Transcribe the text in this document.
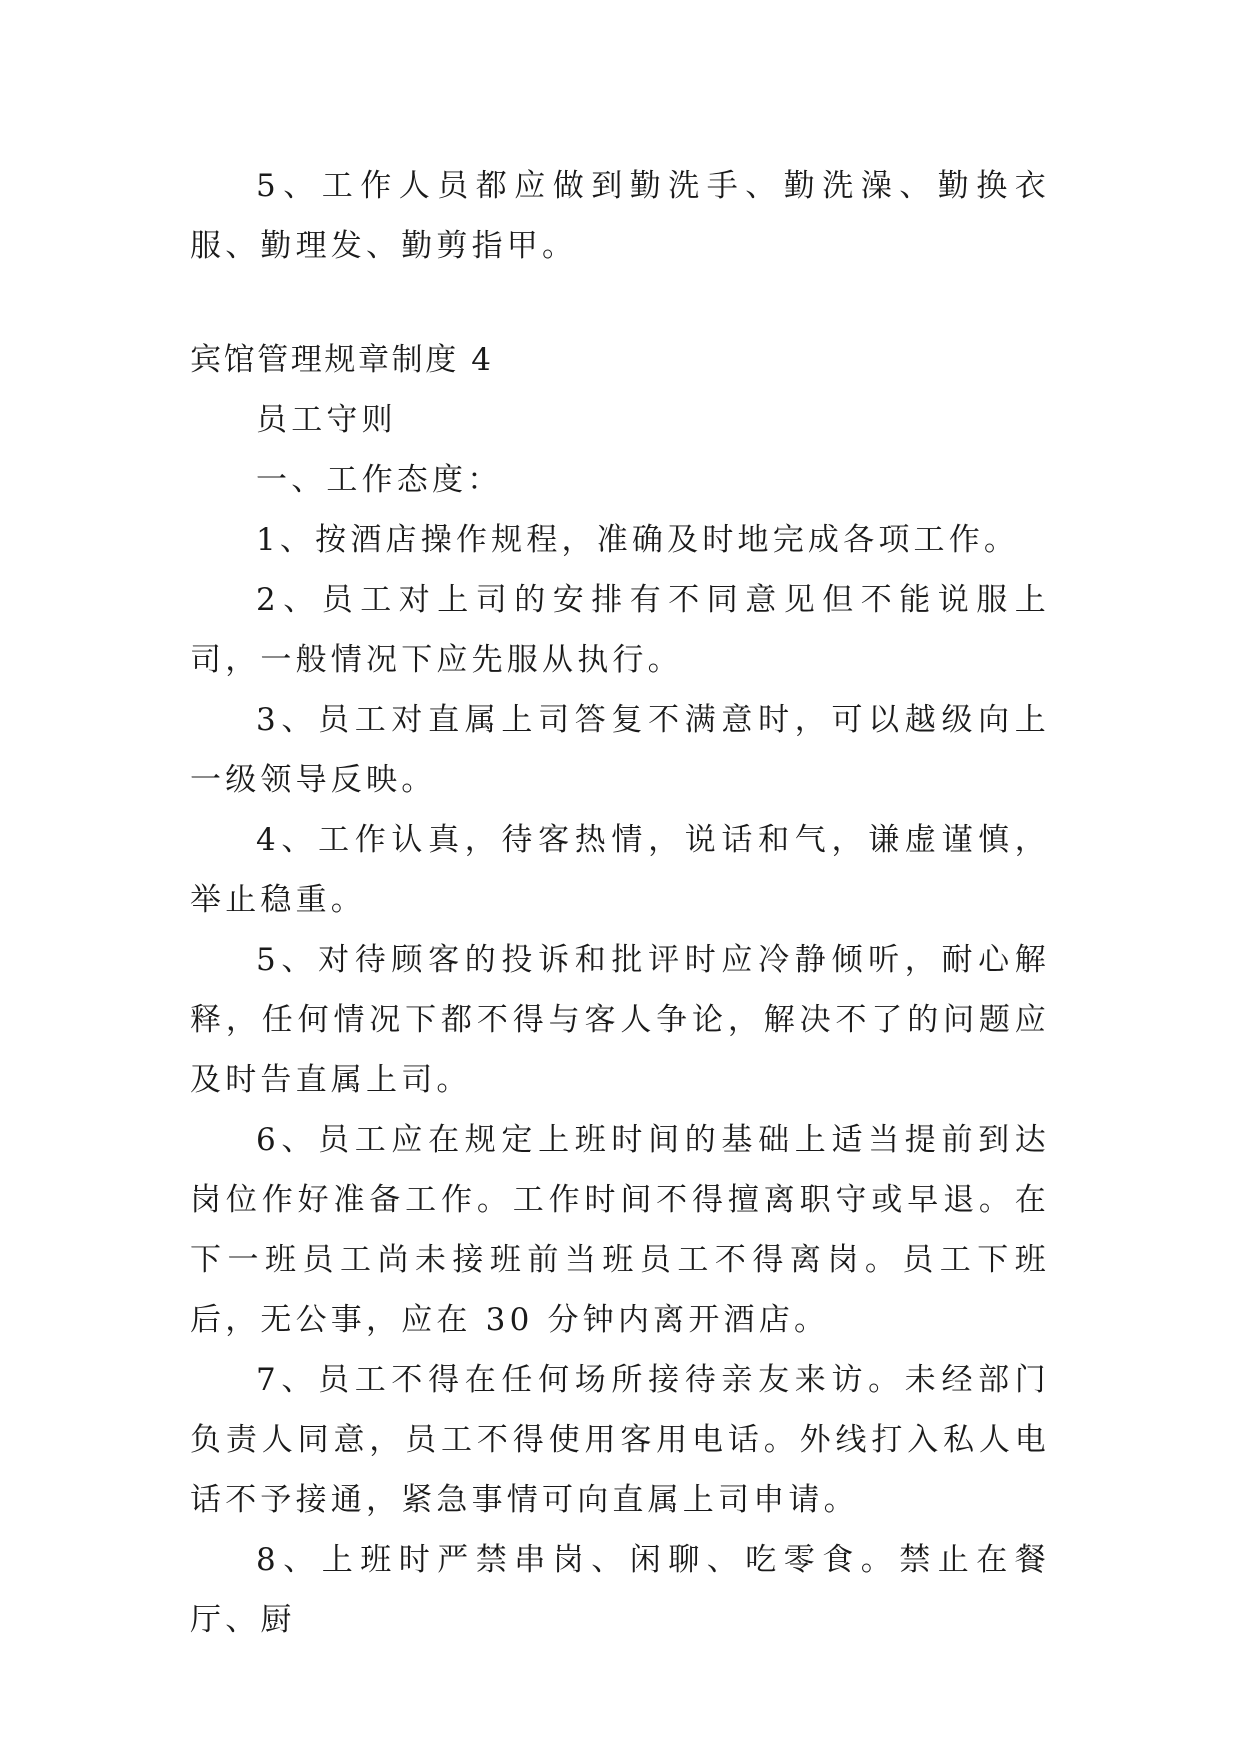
5、工作人员都应做到勤洗手、勤洗澡、勤换衣服、勤理发、勤剪指甲。

宾馆管理规章制度 4

员工守则

一、工作态度：

1、按酒店操作规程，准确及时地完成各项工作。

2、员工对上司的安排有不同意见但不能说服上司，一般情况下应先服从执行。

3、员工对直属上司答复不满意时，可以越级向上一级领导反映。

4、工作认真，待客热情，说话和气，谦虚谨慎，举止稳重。

5、对待顾客的投诉和批评时应冷静倾听，耐心解释，任何情况下都不得与客人争论，解决不了的问题应及时告直属上司。

6、员工应在规定上班时间的基础上适当提前到达岗位作好准备工作。工作时间不得擅离职守或早退。在下一班员工尚未接班前当班员工不得离岗。员工下班后，无公事，应在 30 分钟内离开酒店。

7、员工不得在任何场所接待亲友来访。未经部门负责人同意，员工不得使用客用电话。外线打入私人电话不予接通，紧急事情可向直属上司申请。

8、上班时严禁串岗、闲聊、吃零食。禁止在餐厅、厨
